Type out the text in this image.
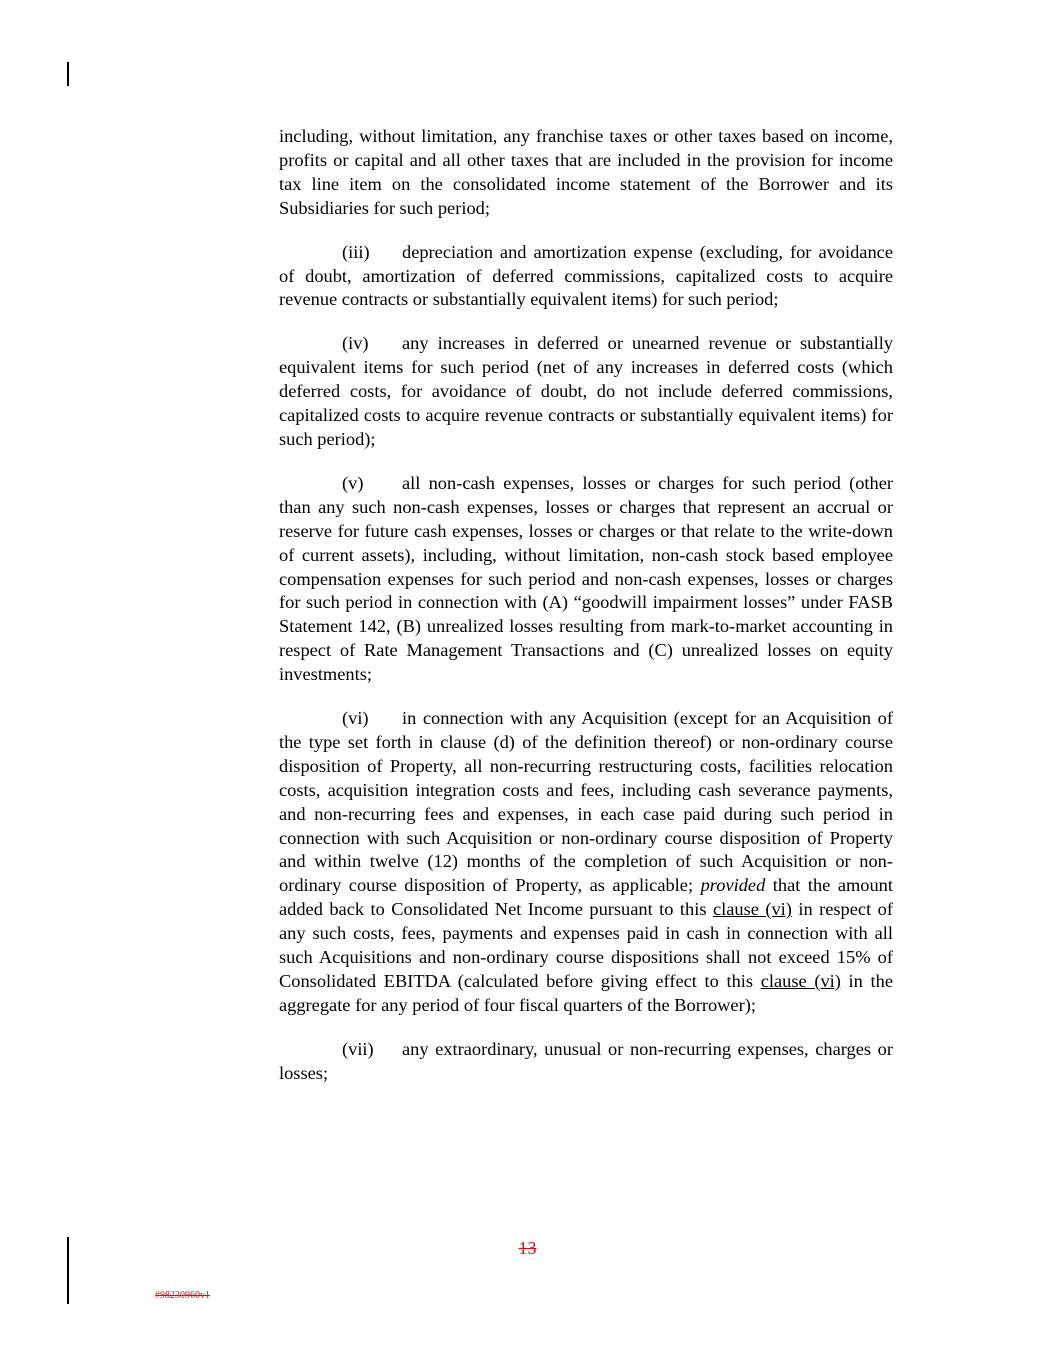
including, without limitation, any franchise taxes or other taxes based on income, profits or capital and all other taxes that are included in the provision for income tax line item on the consolidated income statement of the Borrower and its Subsidiaries for such period;

(iii) depreciation and amortization expense (excluding, for avoidance of doubt, amortization of deferred commissions, capitalized costs to acquire revenue contracts or substantially equivalent items) for such period;

(iv) any increases in deferred or unearned revenue or substantially equivalent items for such period (net of any increases in deferred costs (which deferred costs, for avoidance of doubt, do not include deferred commissions, capitalized costs to acquire revenue contracts or substantially equivalent items) for such period);

(v) all non-cash expenses, losses or charges for such period (other than any such non-cash expenses, losses or charges that represent an accrual or reserve for future cash expenses, losses or charges or that relate to the write-down of current assets), including, without limitation, non-cash stock based employee compensation expenses for such period and non-cash expenses, losses or charges for such period in connection with (A) “goodwill impairment losses” under FASB Statement 142, (B) unrealized losses resulting from mark-to-market accounting in respect of Rate Management Transactions and (C) unrealized losses on equity investments;

(vi) in connection with any Acquisition (except for an Acquisition of the type set forth in clause (d) of the definition thereof) or non-ordinary course disposition of Property, all non-recurring restructuring costs, facilities relocation costs, acquisition integration costs and fees, including cash severance payments, and non-recurring fees and expenses, in each case paid during such period in connection with such Acquisition or non-ordinary course disposition of Property and within twelve (12) months of the completion of such Acquisition or non-ordinary course disposition of Property, as applicable; provided that the amount added back to Consolidated Net Income pursuant to this clause (vi) in respect of any such costs, fees, payments and expenses paid in cash in connection with all such Acquisitions and non-ordinary course dispositions shall not exceed 15% of Consolidated EBITDA (calculated before giving effect to this clause (vi) in the aggregate for any period of four fiscal quarters of the Borrower);

(vii) any extraordinary, unusual or non-recurring expenses, charges or losses;

13
#98230960v1
